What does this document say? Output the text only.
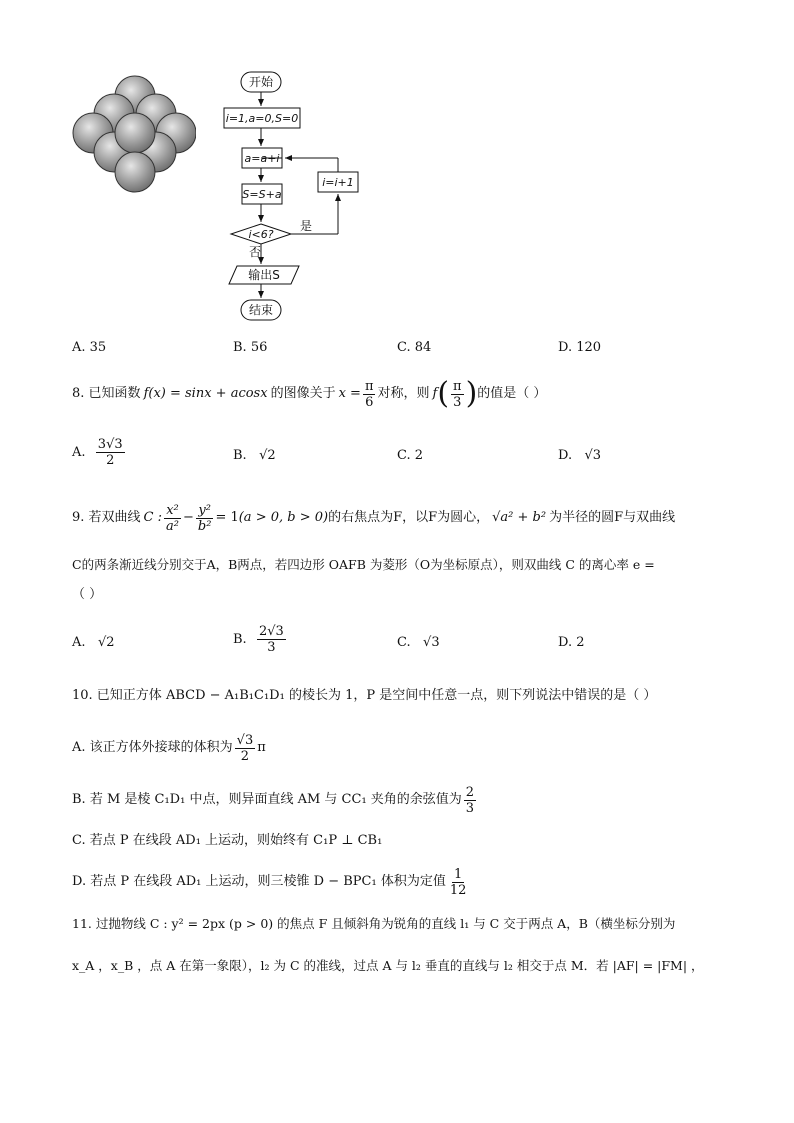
开始
i=1,a=0,S=0
a=a+i
S=S+a
i=i+1
i<6?
是
否
输出S
结束
A. 35	B. 56	C. 84	D. 120
8.
已知函数 f(x) = sinx + acosx 的图像关于 $x = \frac{\pi}{6}$ 对称，则 f ( $\frac{\pi}{3}$ ) 的值是（ ）
A.
$\frac{3√3}{2}$	B. √2	C. 2	D. √3
9. 若双曲线 C : $\frac{\text{x²}}{\text{a²}} - \frac{\text{y²}}{\text{b²}} = 1$ (a > 0, b > 0) 的右焦点为F，以F为圆心， √a² + b² 为半径的圆F与双曲线
C的两条渐近线分别交于A，B两点，若四边形 OAFB 为菱形（O为坐标原点），则双曲线 C 的离心率 e =
（ ）
A. √2	B.
$\frac{2√3}{3}$	C. √3	D. 2
10. 已知正方体 ABCD − A₁B₁C₁D₁ 的棱长为 1，P 是空间中任意一点，则下列说法中错误的是（ ）
A. 该正方体外接球的体积为 $\frac{√3}{2}$ π
B. 若 M 是棱 C₁D₁ 中点，则异面直线 AM 与 CC₁ 夹角的余弦值为 $\frac{2}{3}$
C. 若点 P 在线段 AD₁ 上运动，则始终有 C₁P ⊥ CB₁
D. 若点 P 在线段 AD₁ 上运动，则三棱锥 D − BPC₁ 体积为定值 $\frac{1}{12}$
11. 过抛物线 C : y² = 2px (p > 0) 的焦点 F 且倾斜角为锐角的直线 l₁ 与 C 交于两点 A，B（横坐标分别为
x_A ，x_B ，点 A 在第一象限），l₂ 为 C 的准线，过点 A 与 l₂ 垂直的直线与 l₂ 相交于点 M．若 |AF| = |FM| ，
